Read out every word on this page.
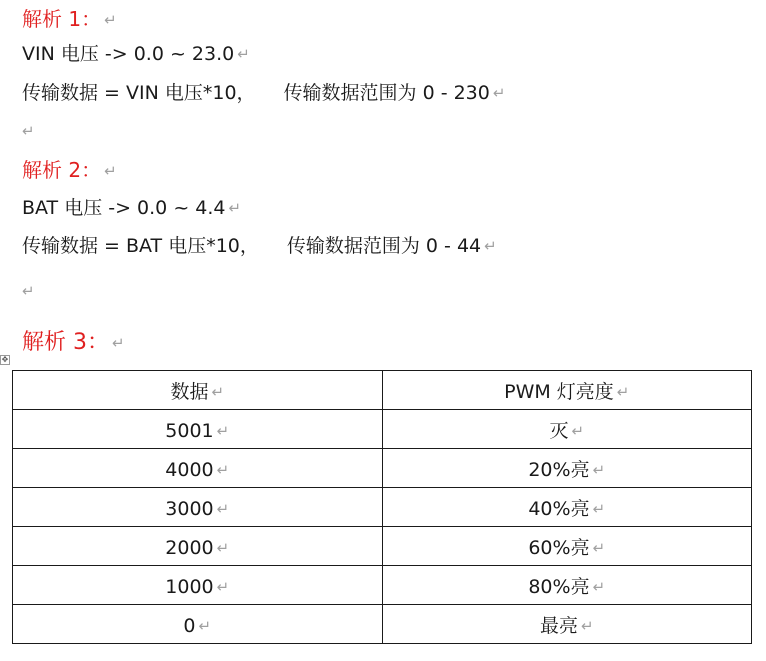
解析 1： ↵
VIN 电压 -> 0.0 ~ 23.0 ↵
传输数据 = VIN 电压*10， 传输数据范围为 0 - 230 ↵
↵
解析 2： ↵
BAT 电压 -> 0.0 ~ 4.4 ↵
传输数据 = BAT 电压*10， 传输数据范围为 0 - 44 ↵
↵
解析 3： ↵
✥
数据 ↵	PWM 灯亮度 ↵
5001 ↵	灭 ↵
4000 ↵	20%亮 ↵
3000 ↵	40%亮 ↵
2000 ↵	60%亮 ↵
1000 ↵	80%亮 ↵
0 ↵	最亮 ↵
